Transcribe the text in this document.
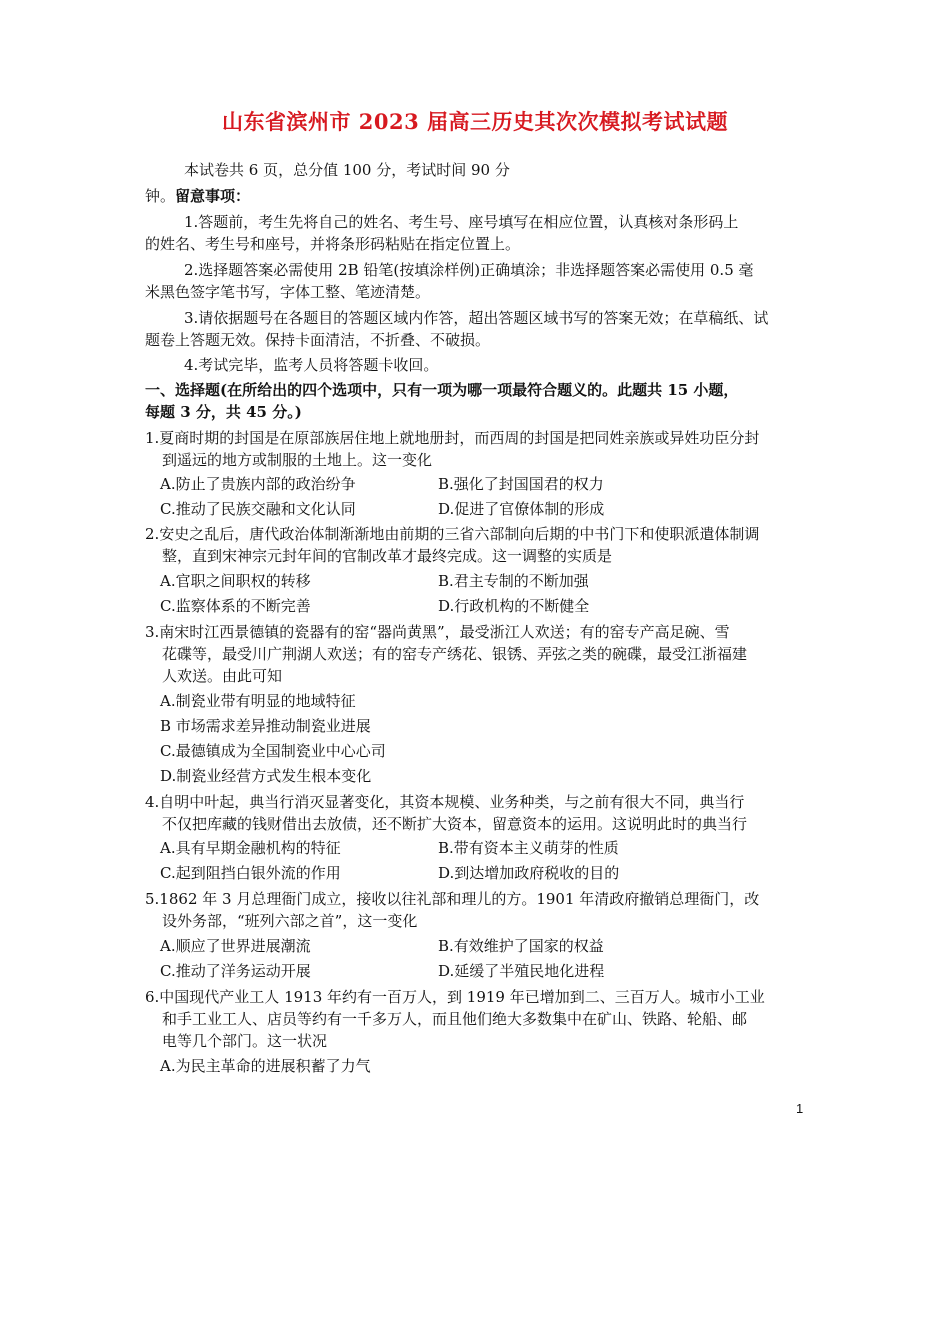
山东省滨州市 2023 届高三历史其次次模拟考试试题
本试卷共 6 页，总分值 100 分，考试时间 90 分
钟。留意事项：
1.答题前，考生先将自己的姓名、考生号、座号填写在相应位置，认真核对条形码上
的姓名、考生号和座号，并将条形码粘贴在指定位置上。
2.选择题答案必需使用 2B 铅笔(按填涂样例)正确填涂；非选择题答案必需使用 0.5 毫
米黑色签字笔书写，字体工整、笔迹清楚。
3.请依据题号在各题目的答题区域内作答，超出答题区域书写的答案无效；在草稿纸、试
题卷上答题无效。保持卡面清洁，不折叠、不破损。
4.考试完毕，监考人员将答题卡收回。
一、选择题(在所给出的四个选项中，只有一项为哪一项最符合题义的。此题共 15 小题，
每题 3 分，共 45 分。)
1.夏商时期的封国是在原部族居住地上就地册封，而西周的封国是把同姓亲族或异姓功臣分封
到遥远的地方或制服的土地上。这一变化
A.防止了贵族内部的政治纷争	B.强化了封国国君的权力
C.推动了民族交融和文化认同	D.促进了官僚体制的形成
2.安史之乱后，唐代政治体制渐渐地由前期的三省六部制向后期的中书门下和使职派遣体制调
整，直到宋神宗元封年间的官制改革才最终完成。这一调整的实质是
A.官职之间职权的转移	B.君主专制的不断加强
C.监察体系的不断完善	D.行政机构的不断健全
3.南宋时江西景德镇的瓷器有的窑“器尚黄黑”，最受浙江人欢送；有的窑专产高足碗、雪
花碟等，最受川广荆湖人欢送；有的窑专产绣花、银锈、弄弦之类的碗碟，最受江浙福建
人欢送。由此可知
A.制瓷业带有明显的地域特征
B 市场需求差异推动制瓷业进展
C.最德镇成为全国制瓷业中心心司
D.制瓷业经营方式发生根本变化
4.自明中叶起，典当行消灭显著变化，其资本规模、业务种类，与之前有很大不同，典当行
不仅把库藏的钱财借出去放债，还不断扩大资本，留意资本的运用。这说明此时的典当行
A.具有早期金融机构的特征	B.带有资本主义萌芽的性质
C.起到阻挡白银外流的作用	D.到达增加政府税收的目的
5.1862 年 3 月总理衙门成立，接收以往礼部和理儿的方。1901 年清政府撤销总理衙门，改
设外务部，“班列六部之首”，这一变化
A.顺应了世界进展潮流	B.有效维护了国家的权益
C.推动了洋务运动开展	D.延缓了半殖民地化进程
6.中国现代产业工人 1913 年约有一百万人，到 1919 年已增加到二、三百万人。城市小工业
和手工业工人、店员等约有一千多万人，而且他们绝大多数集中在矿山、铁路、轮船、邮
电等几个部门。这一状况
A.为民主革命的进展积蓄了力气
1
